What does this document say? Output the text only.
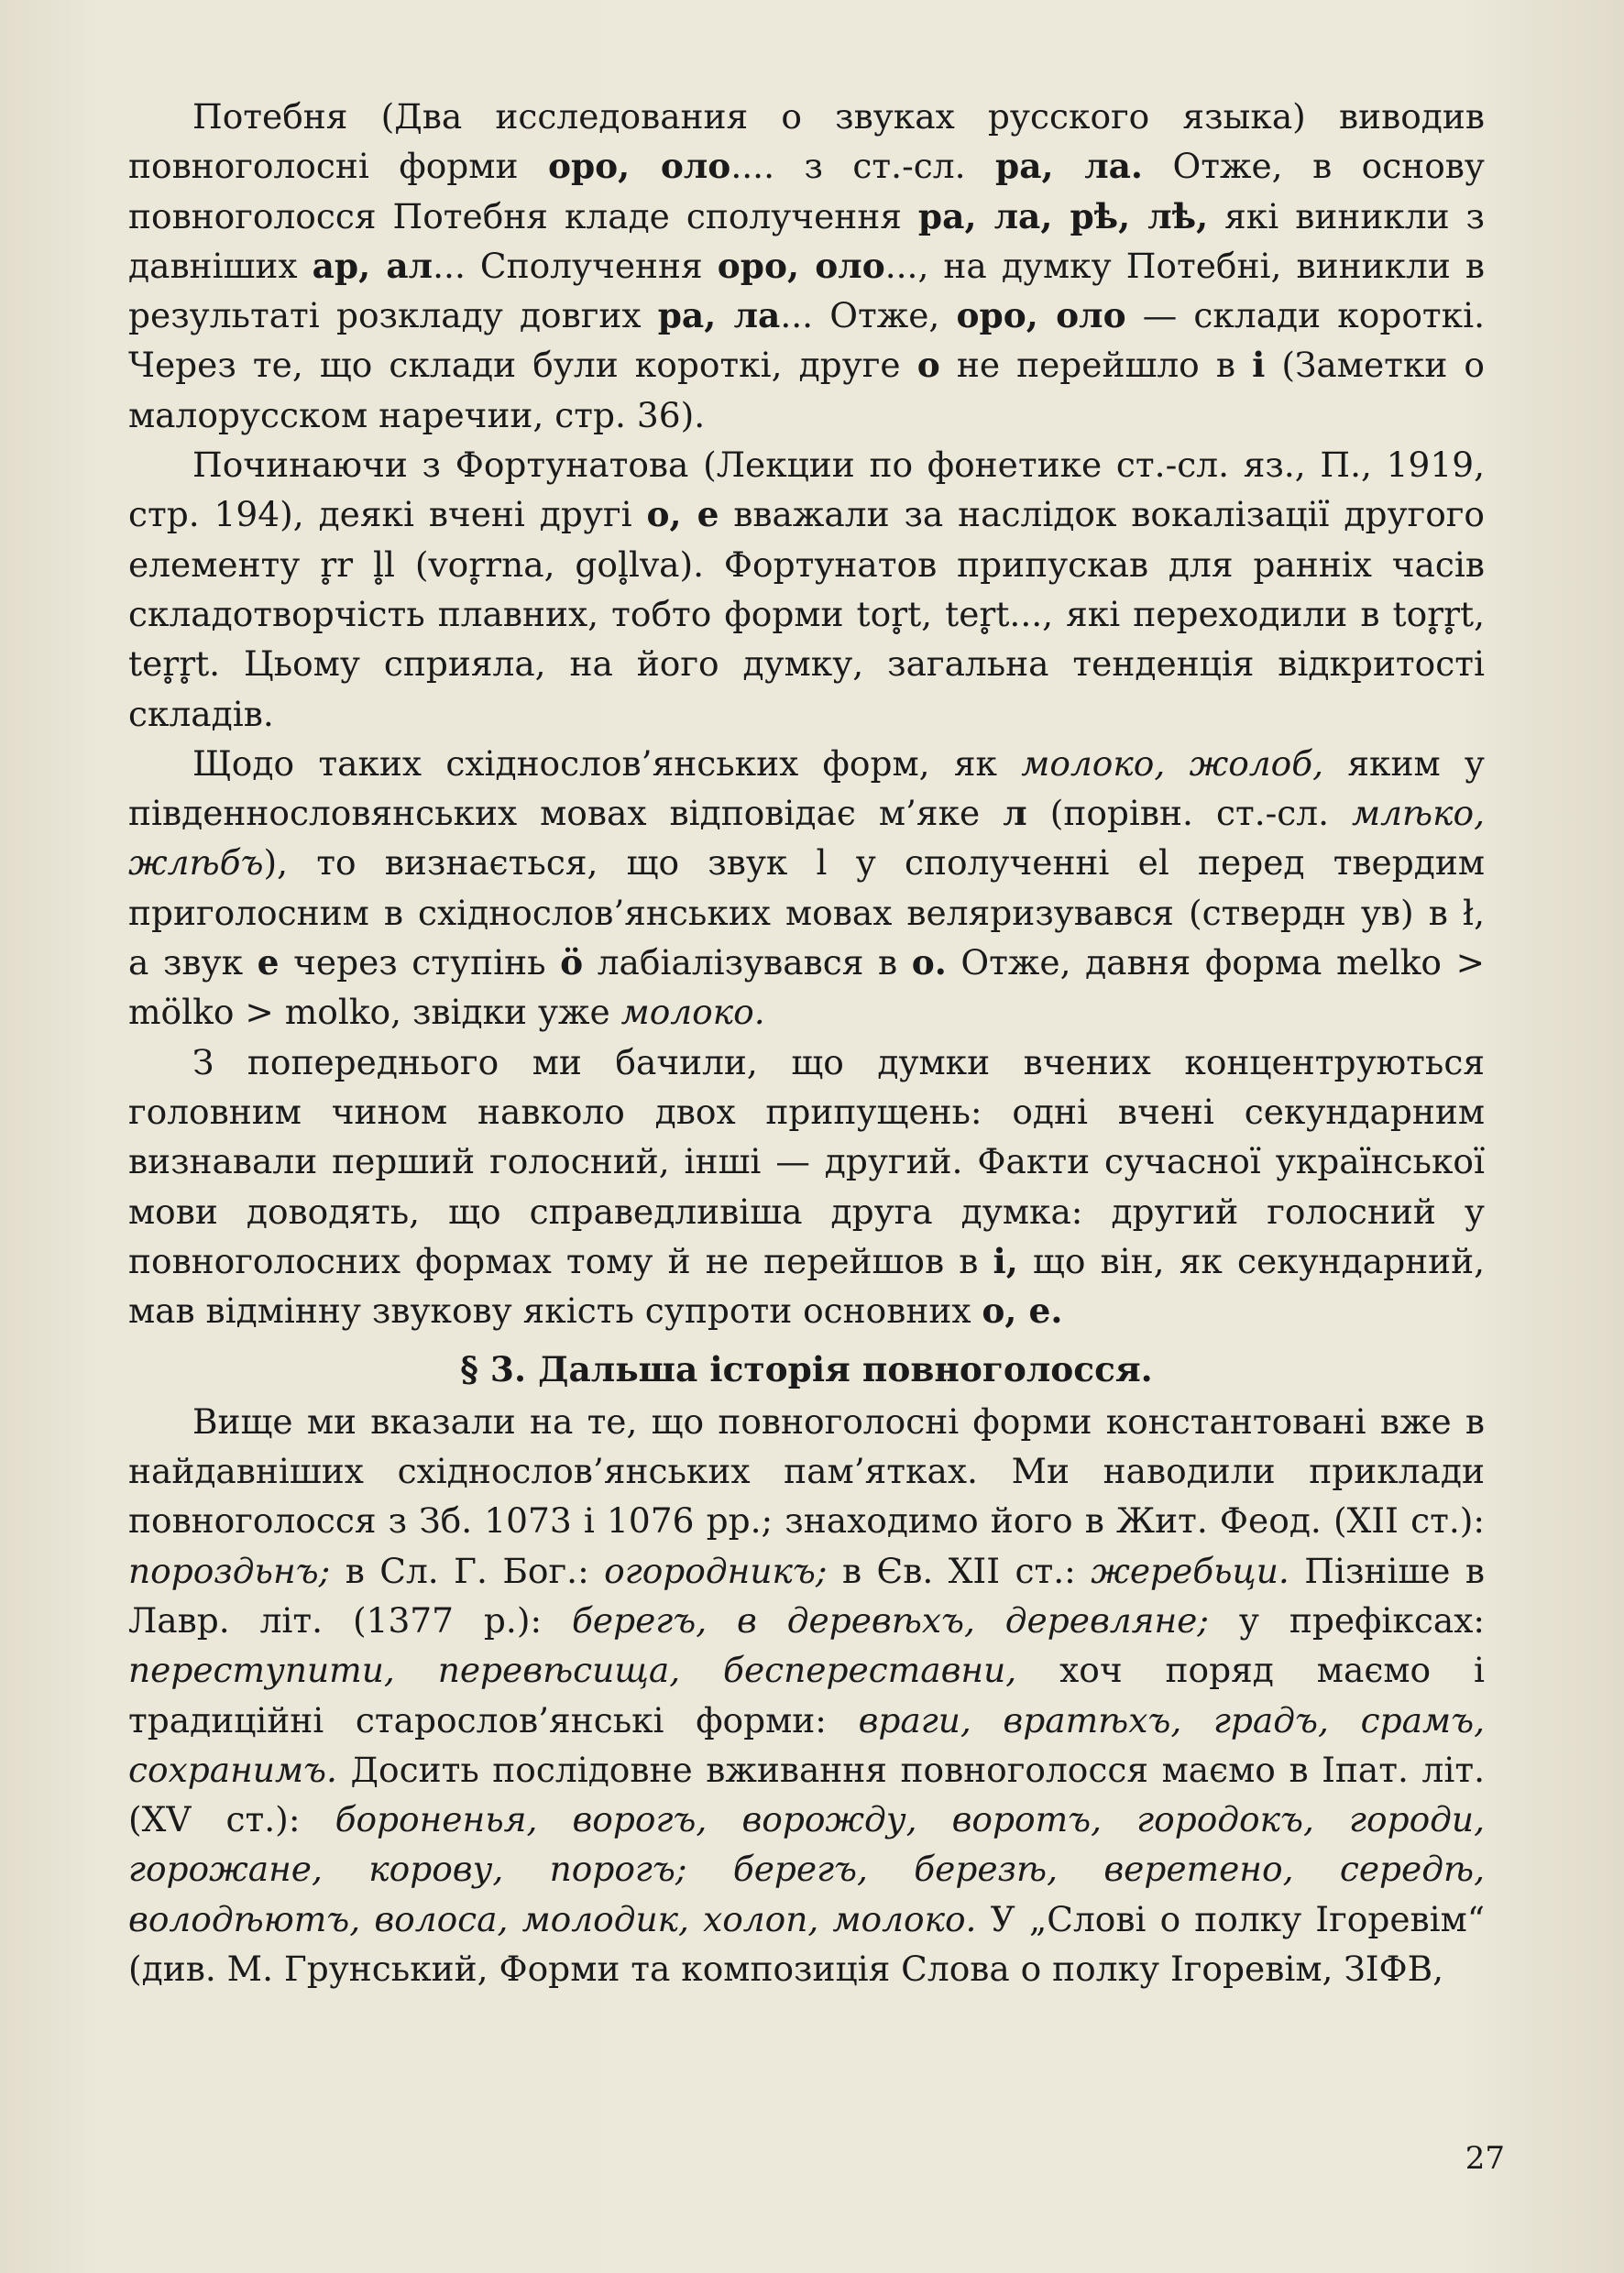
Потебня (Два исследования о звуках русского языка) виводив повноголосні форми оро, оло.... з ст.-сл. ра, ла. Отже, в основу повноголосся Потебня кладе сполучення ра, ла, рѣ, лѣ, які виникли з давніших ар, ал... Сполучення оро, оло..., на думку Потебні, виникли в результаті розкладу довгих ра, ла... Отже, оро, оло — склади короткі. Через те, що склади були короткі, друге о не перейшло в і (Заметки о малорусском наречии, стр. 36).

Починаючи з Фортунатова (Лекции по фонетике ст.-сл. яз., П., 1919, стр. 194), деякі вчені другі о, е вважали за наслідок вокалізації другого елементу r̥r l̥l (vor̥rna, gol̥lva). Фортунатов припускав для ранніх часів складотворчість плавних, тобто форми tor̥t, ter̥t..., які переходили в tor̥r̥t, ter̥r̥t. Цьому сприяла, на його думку, загальна тенденція відкритості складів.

Щодо таких східнослов’янських форм, як молоко, жолоб, яким у південнословянських мовах відповідає м’яке л (порівн. ст.-сл. млѣко, жлѣбъ), то визнається, що звук l у сполученні el перед твердим приголосним в східнослов’янських мовах веляризувався (ствердн ув) в ł, а звук е через ступінь ӧ лабіалізувався в о. Отже, давня форма melko > mölko > molko, звідки уже молоко.

З попереднього ми бачили, що думки вчених концентруються головним чином навколо двох припущень: одні вчені секундарним визнавали перший голосний, інші — другий. Факти сучасної української мови доводять, що справедливіша друга думка: другий голосний у повноголосних формах тому й не перейшов в і, що він, як секундарний, мав відмінну звукову якість супроти основних о, е.

§ 3. Дальша історія повноголосся.

Вище ми вказали на те, що повноголосні форми константовані вже в найдавніших східнослов’янських пам’ятках. Ми наводили приклади повноголосся з Зб. 1073 і 1076 рр.; знаходимо його в Жит. Феод. (XII ст.): пороздьнъ; в Сл. Г. Бог.: огородникъ; в Єв. XII ст.: жеребьци. Пізніше в Лавр. літ. (1377 р.): берегъ, в деревѣхъ, деревляне; у префіксах: переступити, перевѣсища, беспереставни, хоч поряд маємо і традиційні старослов’янські форми: враги, вратѣхъ, градъ, срамъ, сохранимъ. Досить послідовне вживання повноголосся маємо в Іпат. літ. (XV ст.): бороненья, ворогъ, ворожду, воротъ, городокъ, городи, горожане, корову, порогъ; берегъ, березѣ, веретено, середѣ, володѣютъ, волоса, молодик, холоп, молоко. У „Слові о полку Ігоревім“ (див. М. Грунський, Форми та композиція Слова о полку Ігоревім, ЗІФВ,

27
